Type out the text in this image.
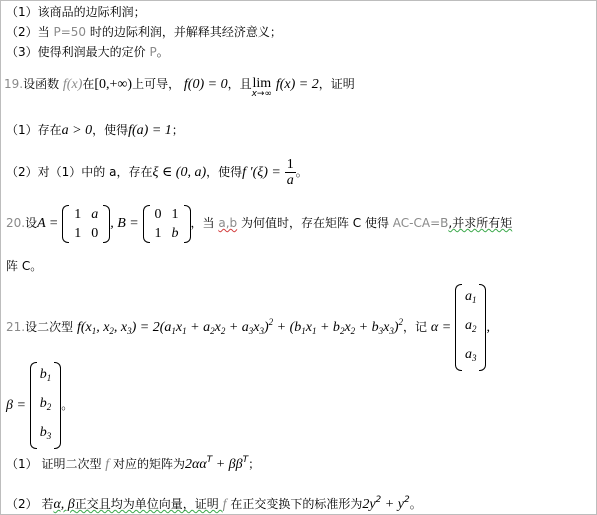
（1）该商品的边际利润；
（2）当 P=50 时的边际利润，并解释其经济意义；
（3）使得利润最大的定价 P。
19.设函数 f(x)在[0,+∞)上可导， f(0) = 0，且 lim
x→∞
f(x) = 2，证明
（1）存在a > 0，使得f(a) = 1；
（2）对（1）中的 a，存在ξ ∈ (0, a)，使得f $'(\xi) = \frac{1}{a}$ 。
20.设A =
1	a
1	0
, B =
0	1
1	b
，当 a,b 为何值时，存在矩阵 C 使得 AC-CA=B,并求所有矩
阵 C。
21.设二次型 $f(x_1$, $x_2$, $x_3) = 2(a_1x_1 + a_2x_2 + a_3x_3)^2 + (b_1x_1 + b_2x_2 + b_3x_3)^2$，记 α =
$a_1$
$a_2$
$a_3$
,
β =
$b_1$
$b_2$
$b_3$
。
（1） 证明二次型 f 对应的矩阵为$2\alpha\alpha^T + \beta\beta^T$；
（2） 若α, β正交且均为单位向量，证明 f 在正交变换下的标准形为$2y^2 + y^2$。
